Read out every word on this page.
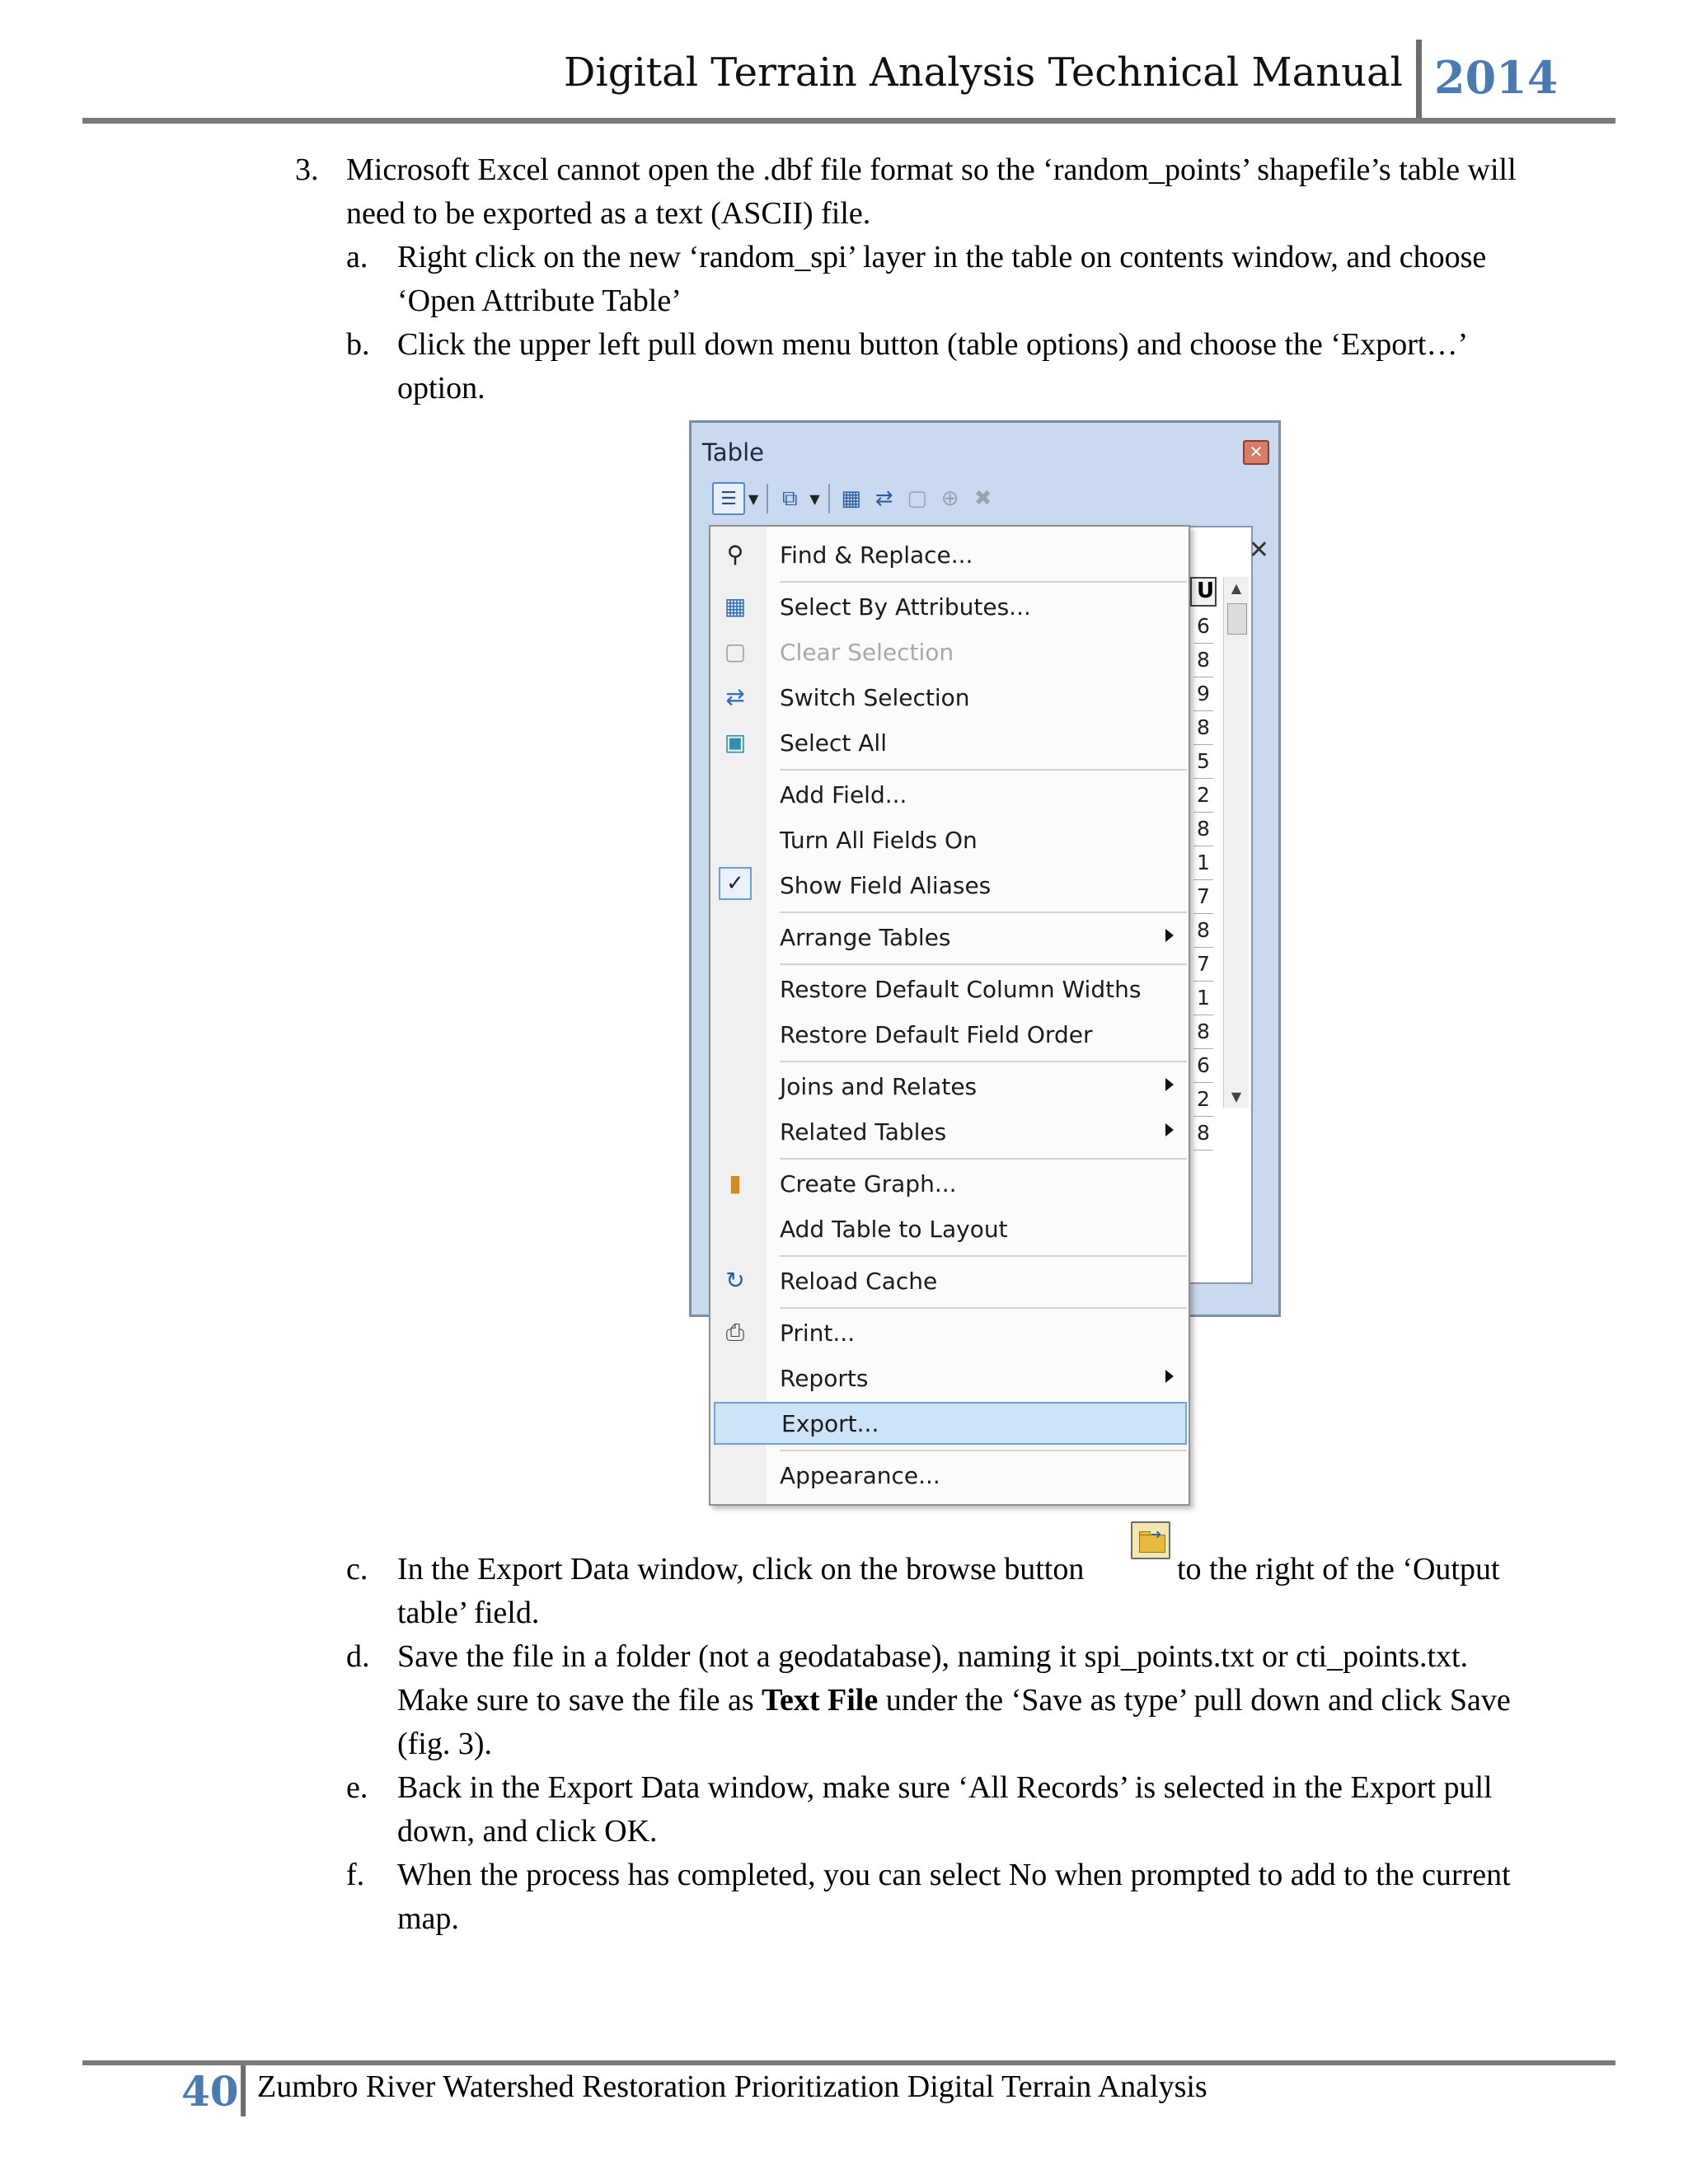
Digital Terrain Analysis Technical Manual 2014
3. Microsoft Excel cannot open the .dbf file format so the ‘random_points’ shapefile’s table will
need to be exported as a text (ASCII) file.
a. Right click on the new ‘random_spi’ layer in the table on contents window, and choose
‘Open Attribute Table’
b. Click the upper left pull down menu button (table options) and choose the ‘Export…’
option.
Table	✕
☰ ▼	⧉ ▼ ▦ ⇄ ▢ ⊕ ✖
✕
U	▲
▼
6
8
9
8
5
2
8
1
7
8
7
1
8
6
2
8
⚲	Find & Replace...
▦ Select By Attributes...
▢ Clear Selection
⇄ Switch Selection
▣ Select All
Add Field...
Turn All Fields On
✓	Show Field Aliases
Arrange Tables
Restore Default Column Widths
Restore Default Field Order
Joins and Relates
Related Tables
▮	Create Graph...
Add Table to Layout
↻ Reload Cache
⎙	Print...
Reports
Export...
Appearance...
c. In the Export Data window, click on the browse button
➜
to the right of the ‘Output
table’ field.
d. Save the file in a folder (not a geodatabase), naming it spi_points.txt or cti_points.txt.
Make sure to save the file as Text File under the ‘Save as type’ pull down and click Save
(fig. 3).
e. Back in the Export Data window, make sure ‘All Records’ is selected in the Export pull
down, and click OK.
f. When the process has completed, you can select No when prompted to add to the current
map.
40 Zumbro River Watershed Restoration Prioritization Digital Terrain Analysis
